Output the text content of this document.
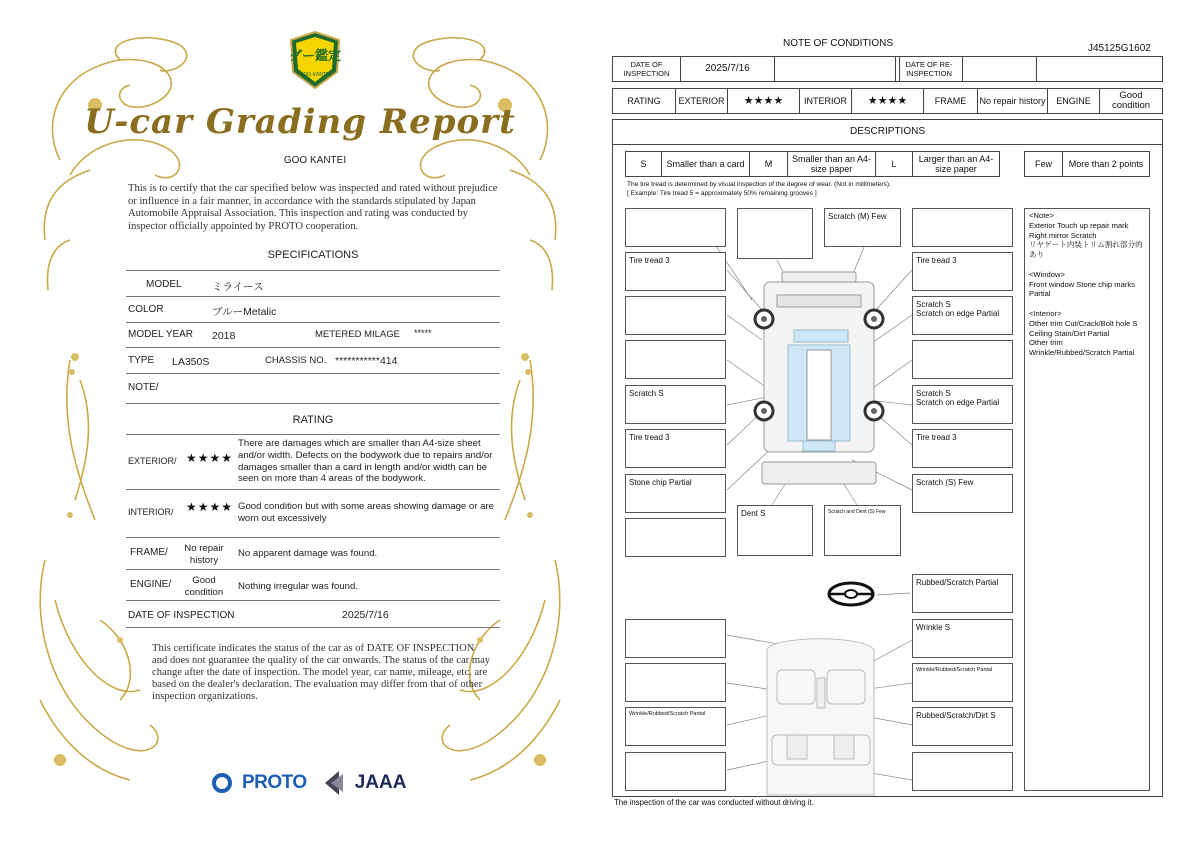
グー鑑定
GOO KANTEI
U-car Grading Report
GOO KANTEI
This is to certify that the car specified below was inspected and rated without prejudice or influence in a fair manner, in accordance with the standards stipulated by Japan Automobile Appraisal Association. This inspection and rating was conducted by inspector officially appointed by PROTO cooperation.
SPECIFICATIONS
MODEL	ミライース
COLOR	ブルーMetalic
MODEL YEAR 2018	METERED MILAGE *****
TYPE LA350S	CHASSIS NO. ***********414
NOTE/
RATING
EXTERIOR/ ★★★★
There are damages which are smaller than A4-size sheet and/or width. Defects on the bodywork due to repairs and/or damages smaller than a card in length and/or width can be seen on more than 4 areas of the bodywork.
INTERIOR/ ★★★★ Good condition but with some areas showing damage or are worn out excessively
FRAME/	No repair history
No apparent damage was found.
ENGINE/	Good condition
Nothing irregular was found.
DATE OF INSPECTION	2025/7/16
This certificate indicates the status of the car as of DATE OF INSPECTION and does not guarantee the quality of the car onwards. The status of the car may change after the date of inspection. The model year, car name, mileage, etc. are based on the dealer's declaration. The evaluation may differ from that of other inspection organizations.
PROTO	JAAA
NOTE OF CONDITIONS	J45125G1602
DATE OF INSPECTION	2025/7/16	DATE OF RE-INSPECTION
RATING	EXTERIOR	★★★★	INTERIOR	★★★★	FRAME	No repair history	ENGINE	Good condition
DESCRIPTIONS
S	Smaller than a card	M	Smaller than an A4-size paper	L	Larger than an A4-size paper	Few	More than 2 points
The tire tread is determined by visual inspection of the degree of wear. (Not in millimeters).
[ Example: Tire tread 5 = approximately 50% remaining grooves ]
Scratch (M) Few
Tire tread 3	Tire tread 3
Scratch S
Scratch on edge Partial
Scratch S	Scratch S
Scratch on edge Partial
Tire tread 3	Tire tread 3
Stone chip Partial	Scratch (S) Few
Dent S	Scratch and Dent (S) Few
Rubbed/Scratch Partial
Wrinkle S
Wrinkle/Rubbed/Scratch Partial
Wrinkle/Rubbed/Scratch Partial	Rubbed/Scratch/Dirt S
<Note>
Exterior Touch up repair mark
Right mirror Scratch
リヤゲート内装トリム割れ部分的あり

<Window>
Front window Stone chip marks Partial

<Interior>
Other trim Cut/Crack/Bolt hole S
Ceiling Stain/Dirt Partial
Other trim
Wrinkle/Rubbed/Scratch Partial
The inspection of the car was conducted without driving it.
